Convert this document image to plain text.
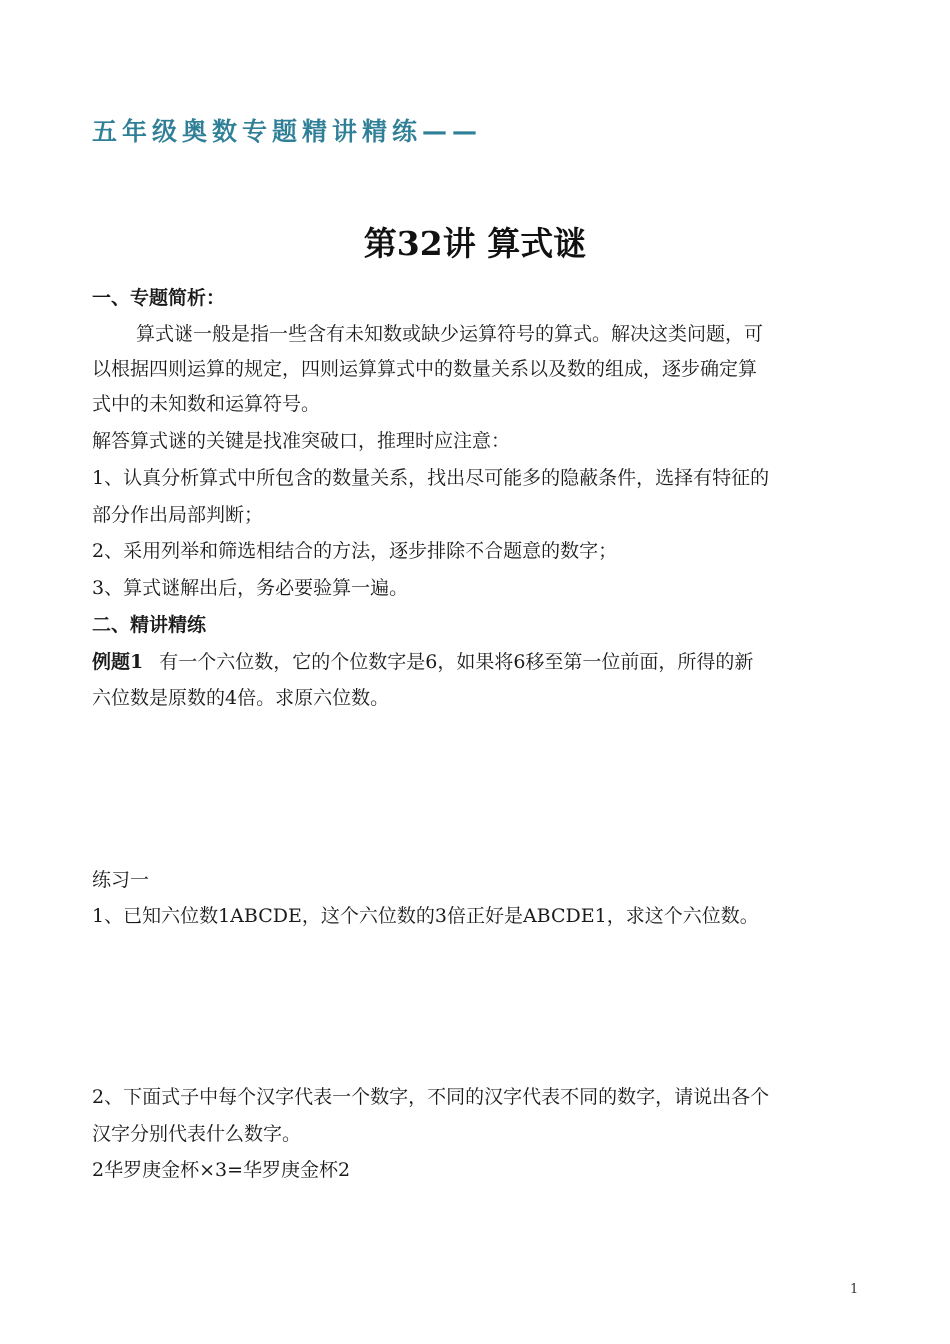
五年级奥数专题精讲精练——
第32讲 算式谜
一、专题简析：
算式谜一般是指一些含有未知数或缺少运算符号的算式。解决这类问题，可
以根据四则运算的规定，四则运算算式中的数量关系以及数的组成，逐步确定算
式中的未知数和运算符号。
解答算式谜的关键是找准突破口，推理时应注意：
1、认真分析算式中所包含的数量关系，找出尽可能多的隐蔽条件，选择有特征的
部分作出局部判断；
2、采用列举和筛选相结合的方法，逐步排除不合题意的数字；
3、算式谜解出后，务必要验算一遍。
二、精讲精练
例题1 有一个六位数，它的个位数字是6，如果将6移至第一位前面，所得的新
六位数是原数的4倍。求原六位数。
练习一
1、已知六位数1ABCDE，这个六位数的3倍正好是ABCDE1，求这个六位数。
2、下面式子中每个汉字代表一个数字，不同的汉字代表不同的数字，请说出各个
汉字分别代表什么数字。
2华罗庚金杯×3=华罗庚金杯2
1
